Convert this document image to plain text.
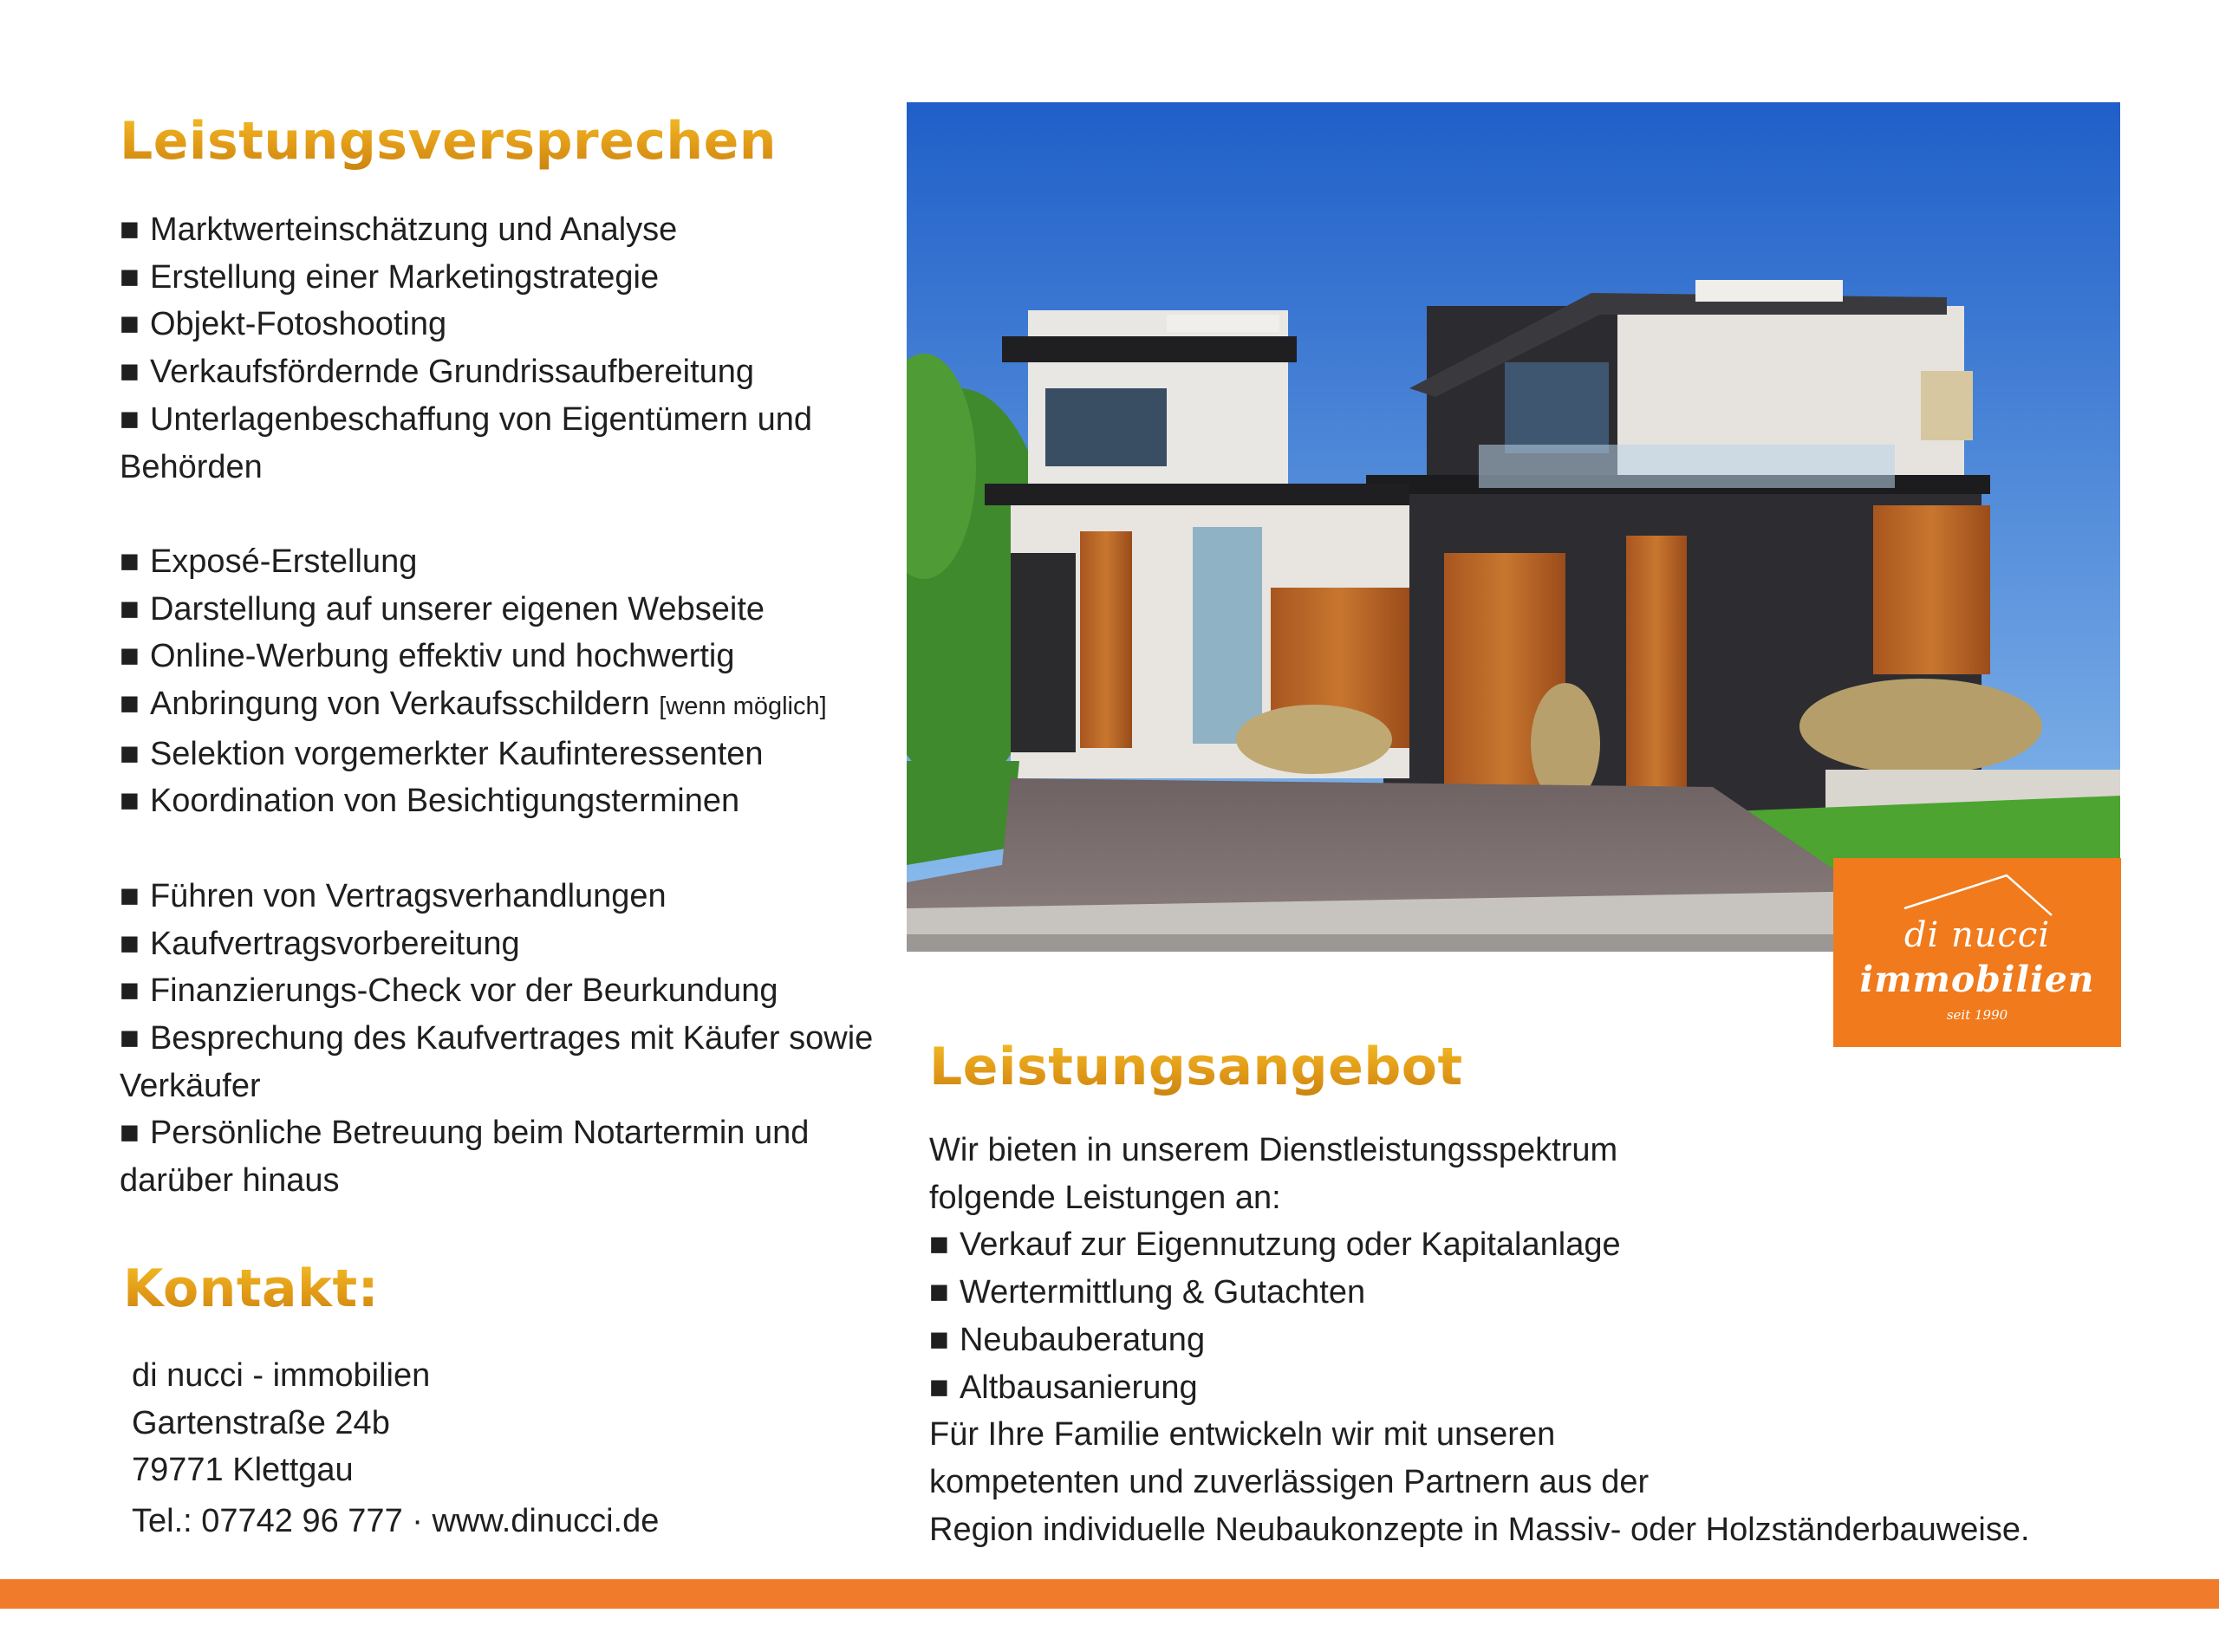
Leistungsversprechen
■ Marktwerteinschätzung und Analyse
■ Erstellung einer Marketingstrategie
■ Objekt-Fotoshooting
■ Verkaufsfördernde Grundrissaufbereitung
■ Unterlagenbeschaffung von Eigentümern und Behörden
■ Exposé-Erstellung
■ Darstellung auf unserer eigenen Webseite
■ Online-Werbung effektiv und hochwertig
■ Anbringung von Verkaufsschildern [wenn möglich]
■ Selektion vorgemerkter Kaufinteressenten
■ Koordination von Besichtigungsterminen
■ Führen von Vertragsverhandlungen
■ Kaufvertragsvorbereitung
■ Finanzierungs-Check vor der Beurkundung
■ Besprechung des Kaufvertrages mit Käufer sowie Verkäufer
■ Persönliche Betreuung beim Notartermin und darüber hinaus
Kontakt:

di nucci - immobilien

Gartenstraße 24b

79771 Klettgau

Tel.: 07742 96 777 · www.dinucci.de

di nucci
immobilien
seit 1990
Leistungsangebot

Wir bieten in unserem Dienstleistungsspektrum

folgende Leistungen an:

■ Verkauf zur Eigennutzung oder Kapitalanlage

■ Wertermittlung & Gutachten

■ Neubauberatung

■ Altbausanierung

Für Ihre Familie entwickeln wir mit unseren

kompetenten und zuverlässigen Partnern aus der

Region individuelle Neubaukonzepte in Massiv- oder Holzständerbauweise.
